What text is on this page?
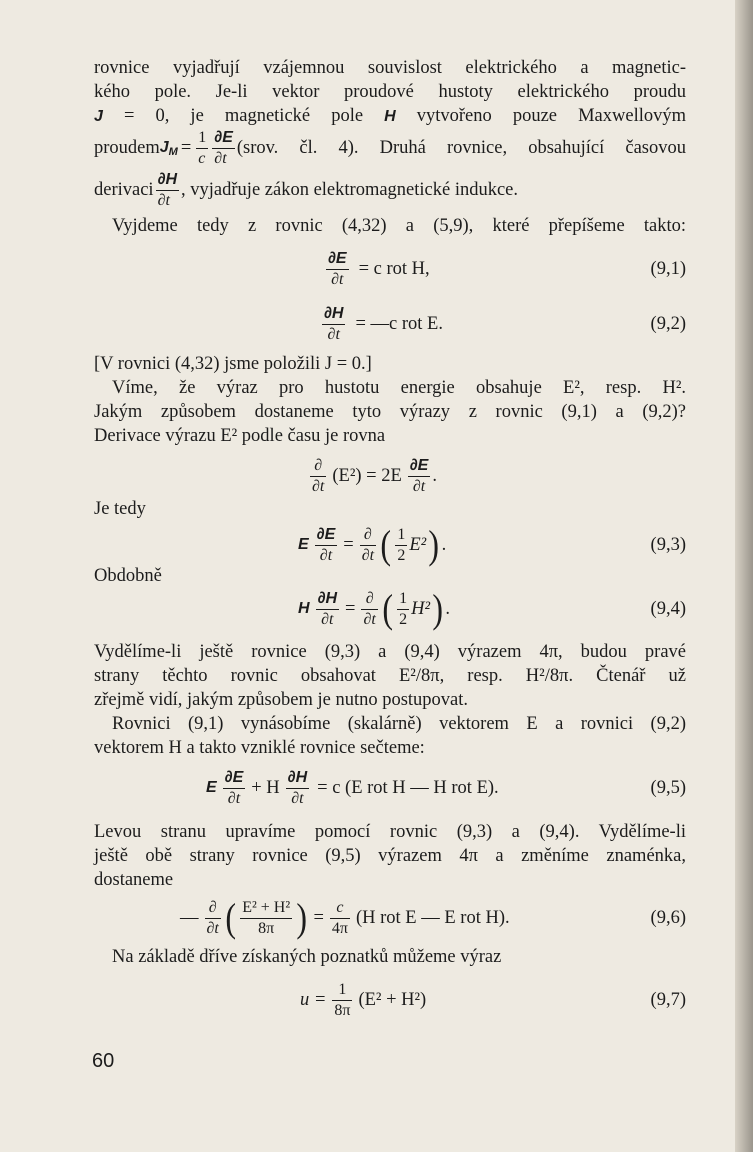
rovnice vyjadřují vzájemnou souvislost elektrického a magnetic-
kého pole. Je-li vektor proudové hustoty elektrického proudu
J = 0, je magnetické pole H vytvořeno pouze Maxwellovým
proudem $J_M = \frac{1}{c} \frac{\partial E}{\partial t}$ (srov. čl. 4). Druhá rovnice, obsahující časovou
derivaci $\frac{\partial H}{\partial t}$ , vyjadřuje zákon elektromagnetické indukce.
Vyjdeme tedy z rovnic (4,32) a (5,9), které přepíšeme takto:
$\frac{\partial E}{\partial t} = c$ rot H,	(9,1)
$\frac{\partial H}{\partial t}$ = —c rot E.	(9,2)
[V rovnici (4,32) jsme položili J = 0.]
Víme, že výraz pro hustotu energie obsahuje E², resp. H².
Jakým způsobem dostaneme tyto výrazy z rovnic (9,1) a (9,2)?
Derivace výrazu E² podle času je rovna
$\frac{\partial}{\partial t} (E^2) = 2E \frac{\partial E}{\partial t}$ .
Je tedy
E $\frac{\partial E}{\partial t} = \frac{\partial}{\partial t}$ ( $\frac{1}{2} E^2$ ) .	(9,3)
Obdobně
H $\frac{\partial H}{\partial t} = \frac{\partial}{\partial t}$ ( $\frac{1}{2} H^2$ ) .	(9,4)
Vydělíme-li ještě rovnice (9,3) a (9,4) výrazem 4π, budou pravé
strany těchto rovnic obsahovat E²/8π, resp. H²/8π. Čtenář už
zřejmě vidí, jakým způsobem je nutno postupovat.
Rovnici (9,1) vynásobíme (skalárně) vektorem E a rovnici (9,2)
vektorem H a takto vzniklé rovnice sečteme:
E $\frac{\partial E}{\partial t} + H \frac{\partial H}{\partial t} = c$ (E rot H — H rot E).	(9,5)
Levou stranu upravíme pomocí rovnic (9,3) a (9,4). Vydělíme-li
ještě obě strany rovnice (9,5) výrazem 4π a změníme znaménka,
dostaneme
— $\frac{\partial}{\partial t}$ ( $\frac{\text{E² + H²}}{8\pi}$ ) = $\frac{c}{4\pi} (H$ rot E — E rot H).	(9,6)
Na základě dříve získaných poznatků můžeme výraz
$u = \frac{1}{8\pi} (E^2 + H^2)$	(9,7)
60
